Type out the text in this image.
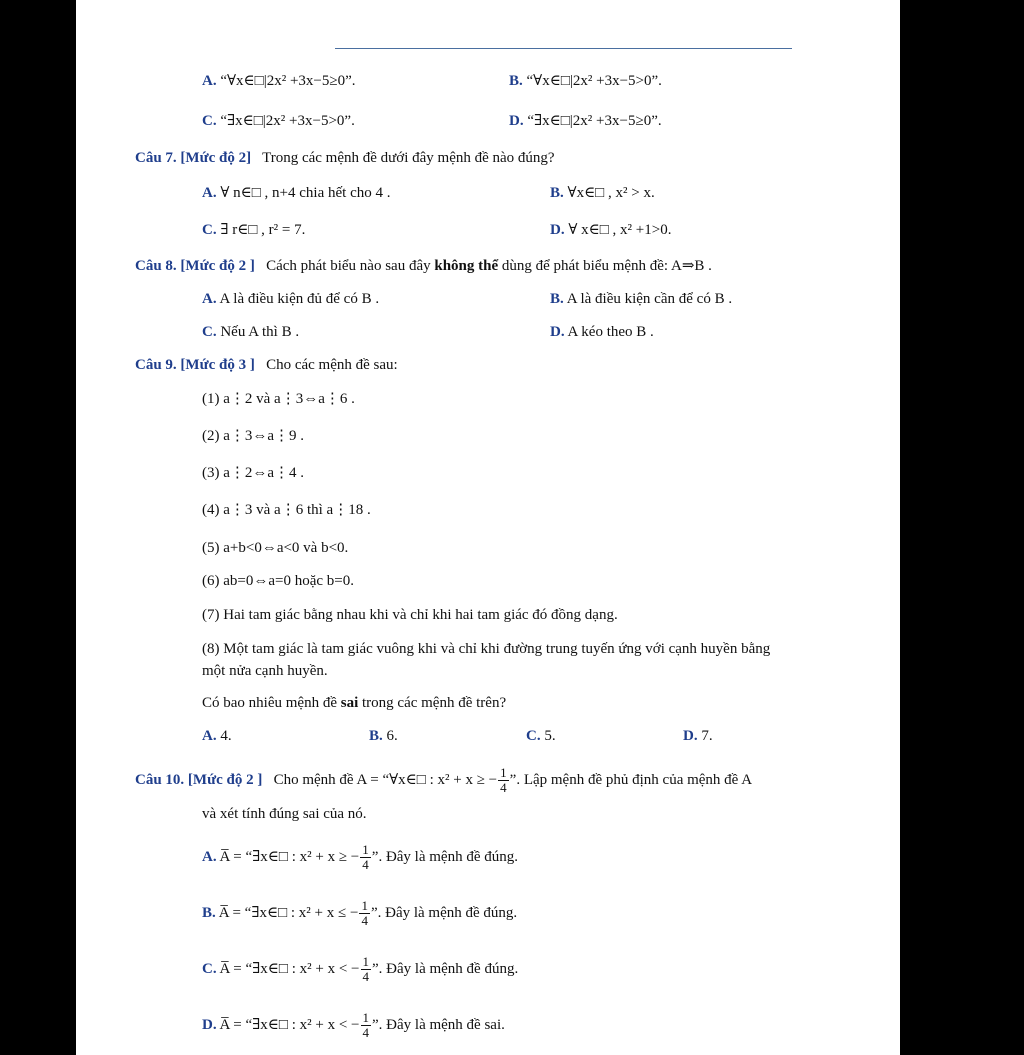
A. “∀x∈□|2x² +3x−5≥0”.	B. “∀x∈□|2x² +3x−5>0”.
C. “∃x∈□|2x² +3x−5>0”.	D. “∃x∈□|2x² +3x−5≥0”.
Câu 7. [Mức độ 2] Trong các mệnh đề dưới đây mệnh đề nào đúng?
A. ∀ n∈□ , n+4 chia hết cho 4 .	B. ∀x∈□ , x² > x.
C. ∃ r∈□ , r² = 7.	D. ∀ x∈□ , x² +1>0.
Câu 8. [Mức độ 2 ] Cách phát biểu nào sau đây không thể dùng để phát biểu mệnh đề: A⇒B .
A. A là điều kiện đủ để có B .	B. A là điều kiện cần để có B .
C. Nếu A thì B .	D. A kéo theo B .
Câu 9. [Mức độ 3 ] Cho các mệnh đề sau:
(1) a⋮2 và a⋮3⇔a⋮6 .
(2) a⋮3⇔a⋮9 .
(3) a⋮2⇔a⋮4 .
(4) a⋮3 và a⋮6 thì a⋮18 .
(5) a+b<0⇔a<0 và b<0.
(6) ab=0⇔a=0 hoặc b=0.
(7) Hai tam giác bằng nhau khi và chỉ khi hai tam giác đó đồng dạng.
(8) Một tam giác là tam giác vuông khi và chỉ khi đường trung tuyến ứng với cạnh huyền bằng
một nửa cạnh huyền.
Có bao nhiêu mệnh đề sai trong các mệnh đề trên?
A. 4.	B. 6.	C. 5.	D. 7.
Câu 10. [Mức độ 2 ] Cho mệnh đề A = “∀x∈□ : x² + x ≥ − $\frac{1}{4}$ ”. Lập mệnh đề phủ định của mệnh đề A
và xét tính đúng sai của nó.
A. A̅ = “∃x∈□ : x² + x ≥ − $\frac{1}{4}$ ”. Đây là mệnh đề đúng.
B. A̅ = “∃x∈□ : x² + x ≤ − $\frac{1}{4}$ ”. Đây là mệnh đề đúng.
C. A̅ = “∃x∈□ : x² + x < − $\frac{1}{4}$ ”. Đây là mệnh đề đúng.
D. A̅ = “∃x∈□ : x² + x < − $\frac{1}{4}$ ”. Đây là mệnh đề sai.
